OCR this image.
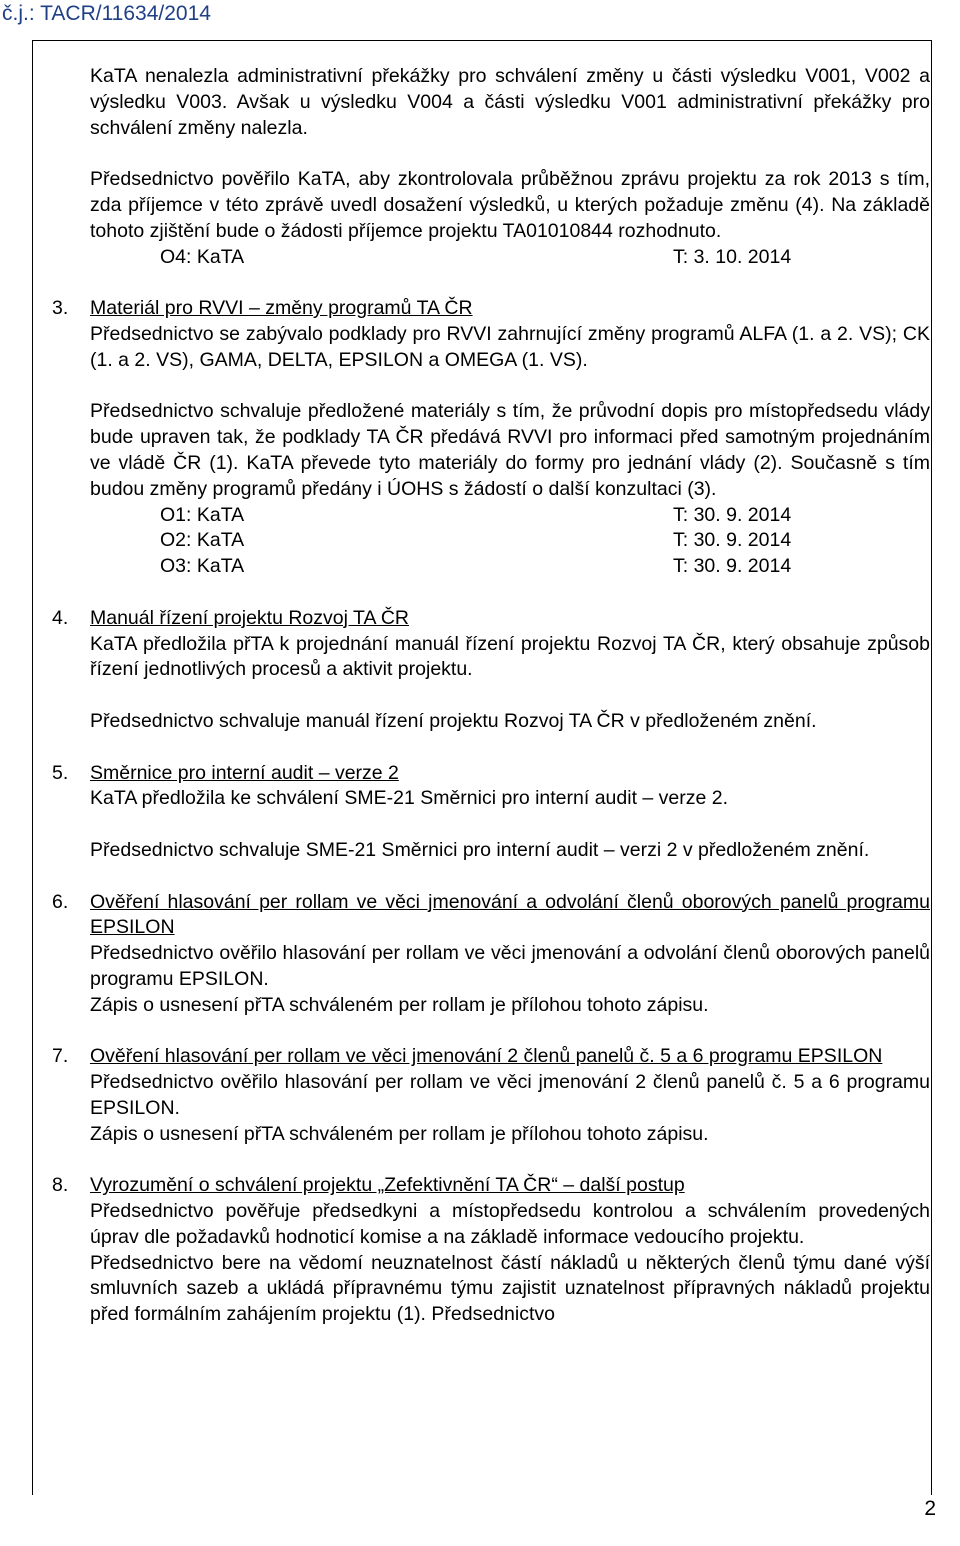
č.j.: TACR/11634/2014

KaTA nenalezla administrativní překážky pro schválení změny u části výsledku V001, V002 a výsledku V003. Avšak u výsledku V004 a části výsledku V001 administrativní překážky pro schválení změny nalezla.

Předsednictvo pověřilo KaTA, aby zkontrolovala průběžnou zprávu projektu za rok 2013 s tím, zda příjemce v této zprávě uvedl dosažení výsledků, u kterých požaduje změnu (4). Na základě tohoto zjištění bude o žádosti příjemce projektu TA01010844 rozhodnuto.

O4: KaTA	T: 3. 10. 2014
3. Materiál pro RVVI – změny programů TA ČR

Předsednictvo se zabývalo podklady pro RVVI zahrnující změny programů ALFA (1. a 2. VS); CK (1. a 2. VS), GAMA, DELTA, EPSILON a OMEGA (1. VS).

Předsednictvo schvaluje předložené materiály s tím, že průvodní dopis pro místopředsedu vlády bude upraven tak, že podklady TA ČR předává RVVI pro informaci před samotným projednáním ve vládě ČR (1). KaTA převede tyto materiály do formy pro jednání vlády (2). Současně s tím budou změny programů předány i ÚOHS s žádostí o další konzultaci (3).

O1: KaTA	T: 30. 9. 2014
O2: KaTA	T: 30. 9. 2014
O3: KaTA	T: 30. 9. 2014
4. Manuál řízení projektu Rozvoj TA ČR

KaTA předložila přTA k projednání manuál řízení projektu Rozvoj TA ČR, který obsahuje způsob řízení jednotlivých procesů a aktivit projektu.

Předsednictvo schvaluje manuál řízení projektu Rozvoj TA ČR v předloženém znění.

5. Směrnice pro interní audit – verze 2

KaTA předložila ke schválení SME-21 Směrnici pro interní audit – verze 2.

Předsednictvo schvaluje SME-21 Směrnici pro interní audit – verzi 2 v předloženém znění.

6. Ověření hlasování per rollam ve věci jmenování a odvolání členů oborových panelů programu EPSILON

Předsednictvo ověřilo hlasování per rollam ve věci jmenování a odvolání členů oborových panelů programu EPSILON.

Zápis o usnesení přTA schváleném per rollam je přílohou tohoto zápisu.

7. Ověření hlasování per rollam ve věci jmenování 2 členů panelů č. 5 a 6 programu EPSILON

Předsednictvo ověřilo hlasování per rollam ve věci jmenování 2 členů panelů č. 5 a 6 programu EPSILON.

Zápis o usnesení přTA schváleném per rollam je přílohou tohoto zápisu.

8. Vyrozumění o schválení projektu „Zefektivnění TA ČR“ – další postup

Předsednictvo pověřuje předsedkyni a místopředsedu kontrolou a schválením provedených úprav dle požadavků hodnoticí komise a na základě informace vedoucího projektu.

Předsednictvo bere na vědomí neuznatelnost částí nákladů u některých členů týmu dané výší smluvních sazeb a ukládá přípravnému týmu zajistit uznatelnost přípravných nákladů projektu před formálním zahájením projektu (1). Předsednictvo

2
